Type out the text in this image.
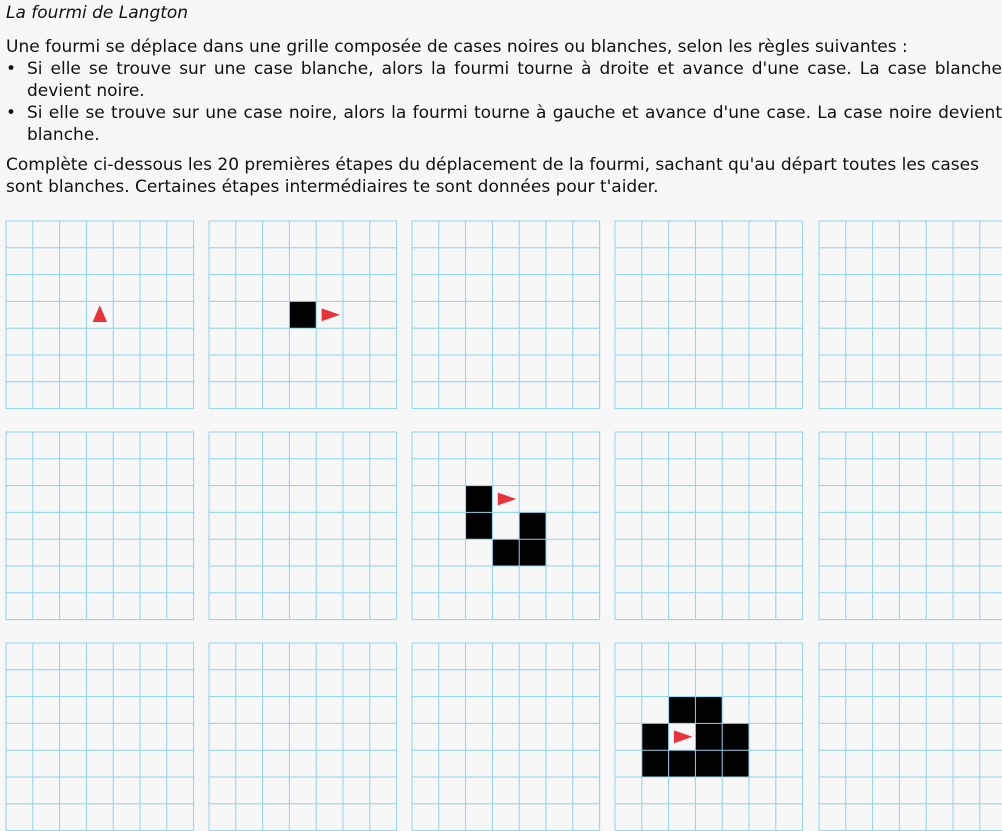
La fourmi de Langton
Une fourmi se déplace dans une grille composée de cases noires ou blanches, selon les règles suivantes :
• Si elle se trouve sur une case blanche, alors la fourmi tourne à droite et avance d'une case. La case blanche devient noire.
• Si elle se trouve sur une case noire, alors la fourmi tourne à gauche et avance d'une case. La case noire devient blanche.
Complète ci-dessous les 20 premières étapes du déplacement de la fourmi, sachant qu'au départ toutes les cases sont blanches. Certaines étapes intermédiaires te sont données pour t'aider.
